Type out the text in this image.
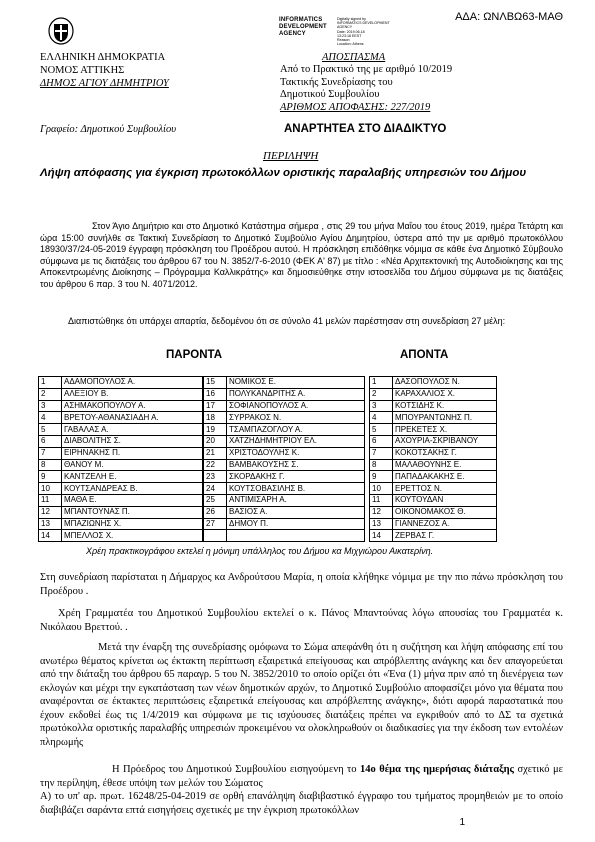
ΑΔΑ: ΩΝΛΒΩ63-ΜΑΘ
ΕΛΛΗΝΙΚΗ ΔΗΜΟΚΡΑΤΙΑ
ΝΟΜΟΣ ΑΤΤΙΚΗΣ
ΔΗΜΟΣ ΑΓΙΟΥ ΔΗΜΗΤΡΙΟΥ
INFORMATICS
DEVELOPMENT
AGENCY
Digitally signed by
INFORMATICS DEVELOPMENT AGENCY
Date: 2019.06.18
13:23:18 EEST
Reason:
Location: Athens
ΑΠΟΣΠΑΣΜΑ
Από το Πρακτικό της με αριθμό 10/2019
Τακτικής Συνεδρίασης του
Δημοτικού Συμβουλίου
ΑΡΙΘΜΟΣ ΑΠΟΦΑΣΗΣ: 227/2019
Γραφείο: Δημοτικού Συμβουλίου	ΑΝΑΡΤΗΤΕΑ ΣΤΟ ΔΙΑΔΙΚΤΥΟ
ΠΕΡΙΛΗΨΗ
Λήψη απόφασης για έγκριση πρωτοκόλλων οριστικής παραλαβής υπηρεσιών του Δήμου
Στον Άγιο Δημήτριο και στο Δημοτικό Κατάστημα σήμερα , στις 29 του μήνα Μαΐου του έτους 2019, ημέρα Τετάρτη και ώρα 15:00 συνήλθε σε Τακτική Συνεδρίαση το Δημοτικό Συμβούλιο Αγίου Δημητρίου, ύστερα από την με αριθμό πρωτοκόλλου 18930/37/24-05-2019 έγγραφη πρόσκληση του Προέδρου αυτού. Η πρόσκληση επιδόθηκε νόμιμα σε κάθε ένα Δημοτικό Σύμβουλο σύμφωνα με τις διατάξεις του άρθρου 67 του Ν. 3852/7-6-2010 (ΦΕΚ Α' 87) με τίτλο : «Νέα Αρχιτεκτονική της Αυτοδιοίκησης και της Αποκεντρωμένης Διοίκησης – Πρόγραμμα Καλλικράτης» και δημοσιεύθηκε στην ιστοσελίδα του Δήμου σύμφωνα με τις διατάξεις του άρθρου 6 παρ. 3 του Ν. 4071/2012.
Διαπιστώθηκε ότι υπάρχει απαρτία, δεδομένου ότι σε σύνολο 41 μελών παρέστησαν στη συνεδρίαση 27 μέλη:
ΠΑΡΟΝΤΑ	ΑΠΟΝΤΑ
1	ΑΔΑΜΟΠΟΥΛΟΣ Α.
2	ΑΛΕΞΙΟΥ Β.
3	ΑΣΗΜΑΚΟΠΟΥΛΟΥ Α.
4	ΒΡΕΤΟΥ-ΑΘΑΝΑΣΙΑΔΗ Α.
5	ΓΑΒΑΛΑΣ Α.
6	ΔΙΑΒΟΛΙΤΗΣ Σ.
7	ΕΙΡΗΝΑΚΗΣ Π.
8	ΘΑΝΟΥ Μ.
9	ΚΑΝΤΖΕΛΗ Ε.
10	ΚΟΥΤΣΑΝΔΡΕΑΣ Β.
11	ΜΑΘΑ Ε.
12	ΜΠΑΝΤΟΥΝΑΣ Π.
13	ΜΠΑΖΙΩΝΗΣ Χ.
14	ΜΠΕΛΛΟΣ Χ.
15	ΝΟΜΙΚΟΣ Ε.
16	ΠΟΛΥΚΑΝΔΡΙΤΗΣ Α.
17	ΣΟΦΙΑΝΟΠΟΥΛΟΣ Α.
18	ΣΥΡΡΑΚΟΣ Ν.
19	ΤΣΑΜΠΑΖΟΓΛΟΥ Α.
20	ΧΑΤΖΗΔΗΜΗΤΡΙΟΥ ΕΛ.
21	ΧΡΙΣΤΟΔΟΥΛΗΣ Κ.
22	ΒΑΜΒΑΚΟΥΣΗΣ Σ.
23	ΣΚΟΡΔΑΚΗΣ Γ.
24	ΚΟΥΤΣΟΒΑΣΙΛΗΣ Β.
25	ΑΝΤΙΜΙΣΑΡΗ Α.
26	ΒΑΣΙΟΣ Α.
27	ΔΗΜΟΥ Π.

1	ΔΑΣΟΠΟΥΛΟΣ Ν.
2	ΚΑΡΑΧΑΛΙΟΣ Χ.
3	ΚΟΤΣΙΔΗΣ Κ.
4	ΜΠΟΥΡΑΝΤΩΝΗΣ Π.
5	ΠΡΕΚΕΤΕΣ Χ.
6	ΑΧΟΥΡΙΑ-ΣΚΡΙΒΑΝΟΥ
7	ΚΟΚΟΤΣΑΚΗΣ Γ.
8	ΜΑΛΑΘΟΥΝΗΣ Ε.
9	ΠΑΠΑΔΑΚΑΚΗΣ Ε.
10	ΕΡΕΤΤΟΣ Ν.
11	ΚΟΥΤΟΥΔΑΝ
12	ΟΙΚΟΝΟΜΑΚΟΣ Θ.
13	ΓΙΑΝΝΕΖΟΣ Α.
14	ΖΕΡΒΑΣ Γ.
Χρέη πρακτικογράφου εκτελεί η μόνιμη υπάλληλος του Δήμου κα Μιχγιώρου Αικατερίνη.
Στη συνεδρίαση παρίσταται η Δήμαρχος κα Ανδρούτσου Μαρία, η οποία κλήθηκε νόμιμα με την πιο πάνω πρόσκληση του Προέδρου .
Χρέη Γραμματέα του Δημοτικού Συμβουλίου εκτελεί ο κ. Πάνος Μπαντούνας λόγω απουσίας του Γραμματέα κ. Νικόλαου Βρεττού. .
Μετά την έναρξη της συνεδρίασης ομόφωνα το Σώμα απεφάνθη ότι η συζήτηση και λήψη απόφασης επί του ανωτέρω θέματος κρίνεται ως έκτακτη περίπτωση εξαιρετικά επείγουσας και απρόβλεπτης ανάγκης και δεν απαγορεύεται από την διάταξη του άρθρου 65 παραγρ. 5 του Ν. 3852/2010 το οποίο ορίζει ότι «Ένα (1) μήνα πριν από τη διενέργεια των εκλογών και μέχρι την εγκατάσταση των νέων δημοτικών αρχών, το Δημοτικό Συμβούλιο αποφασίζει μόνο για θέματα που αναφέρονται σε έκτακτες περιπτώσεις εξαιρετικά επείγουσας και απρόβλεπτης ανάγκης», διότι αφορά παραστατικά που έχουν εκδοθεί έως τις 1/4/2019 και σύμφωνα με τις ισχύουσες διατάξεις πρέπει να εγκριθούν από το ΔΣ τα σχετικά πρωτόκολλα οριστικής παραλαβής υπηρεσιών προκειμένου να ολοκληρωθούν οι διαδικασίες για την έκδοση των εντολέων πληρωμής
Η Πρόεδρος του Δημοτικού Συμβουλίου εισηγούμενη το 14ο θέμα της ημερήσιας διάταξης σχετικό με την περίληψη, έθεσε υπόψη των μελών του Σώματος
Α) το υπ' αρ. πρωτ. 16248/25-04-2019 σε ορθή επανάληψη διαβιβαστικό έγγραφο του τμήματος προμηθειών με το οποίο διαβιβάζει σαράντα επτά εισηγήσεις σχετικές με την έγκριση πρωτοκόλλων
1
